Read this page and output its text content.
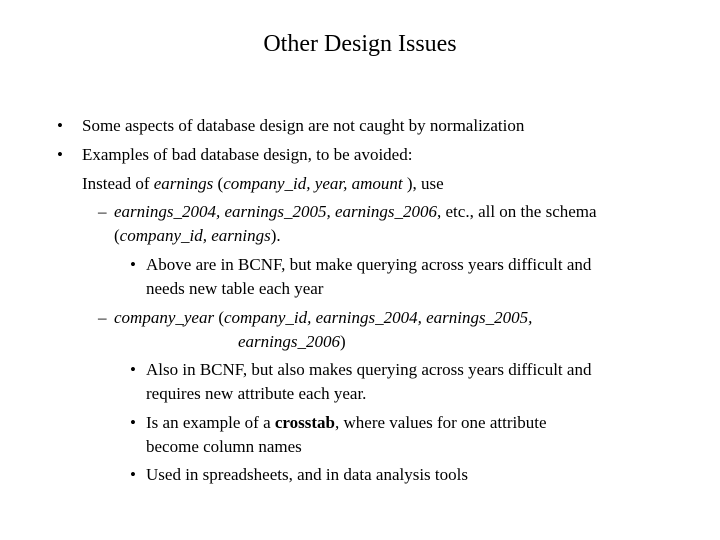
Other Design Issues
• Some aspects of database design are not caught by normalization
• Examples of bad database design, to be avoided:
Instead of earnings (company_id, year, amount ), use
– earnings_2004, earnings_2005, earnings_2006, etc., all on the schema
(company_id, earnings).
• Above are in BCNF, but make querying across years difficult and
needs new table each year
– company_year (company_id, earnings_2004, earnings_2005,
earnings_2006)
• Also in BCNF, but also makes querying across years difficult and
requires new attribute each year.
• Is an example of a crosstab, where values for one attribute
become column names
• Used in spreadsheets, and in data analysis tools
